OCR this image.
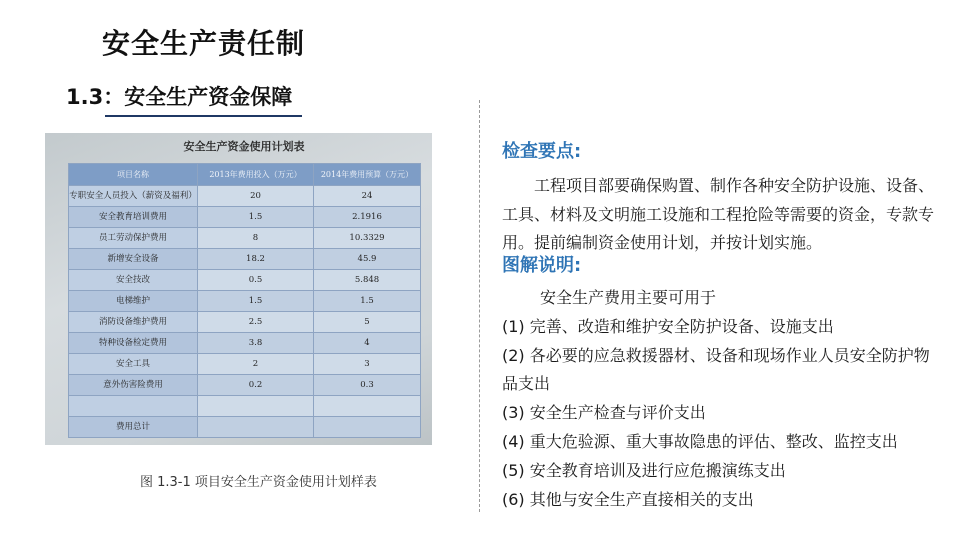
安全生产责任制
1.3：安全生产资金保障
安全生产资金使用计划表
项目名称	2013年费用投入（万元）	2014年费用预算（万元）
专职安全人员投入（薪资及福利）	20	24
安全教育培训费用	1.5	2.1916
员工劳动保护费用	8	10.3329
新增安全设备	18.2	45.9
安全技改	0.5	5.848
电梯维护	1.5	1.5
消防设备维护费用	2.5	5
特种设备检定费用	3.8	4
安全工具	2	3
意外伤害险费用	0.2	0.3

费用总计		
图 1.3-1 项目安全生产资金使用计划样表
检查要点:

工程项目部要确保购置、制作各种安全防护设施、设备、工具、材料及文明施工设施和工程抢险等需要的资金，专款专用。提前编制资金使用计划，并按计划实施。

图解说明:
安全生产费用主要可用于
(1) 完善、改造和维护安全防护设备、设施支出
(2) 各必要的应急救援器材、设备和现场作业人员安全防护物品支出
(3) 安全生产检查与评价支出
(4) 重大危验源、重大事故隐患的评估、整改、监控支出
(5) 安全教育培训及进行应危搬演练支出
(6) 其他与安全生产直接相关的支出
